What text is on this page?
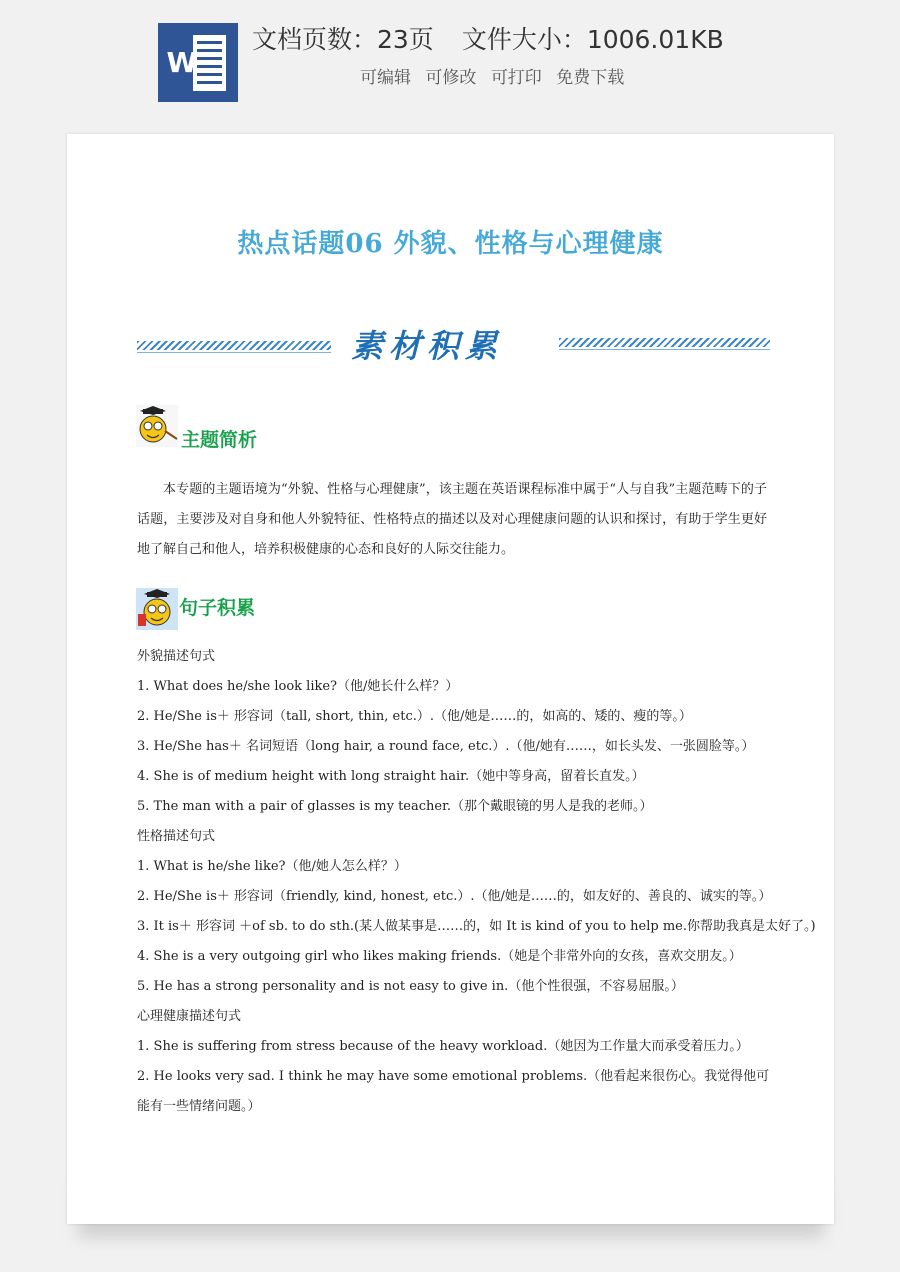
W
文档页数：23页 文件大小：1006.01KB
可编辑 可修改 可打印 免费下载
热点话题06 外貌、性格与心理健康
素材积累
主题简析

本专题的主题语境为“外貌、性格与心理健康”，该主题在英语课程标准中属于“人与自我”主题范畴下的子话题，主要涉及对自身和他人外貌特征、性格特点的描述以及对心理健康问题的认识和探讨，有助于学生更好地了解自己和他人，培养积极健康的心态和良好的人际交往能力。

句子积累
外貌描述句式
1. What does he/she look like?（他/她长什么样？）
2. He/She is＋ 形容词（tall, short, thin, etc.）.（他/她是……的，如高的、矮的、瘦的等。）
3. He/She has＋ 名词短语（long hair, a round face, etc.）.（他/她有……，如长头发、一张圆脸等。）
4. She is of medium height with long straight hair.（她中等身高，留着长直发。）
5. The man with a pair of glasses is my teacher.（那个戴眼镜的男人是我的老师。）
性格描述句式
1. What is he/she like?（他/她人怎么样？）
2. He/She is＋ 形容词（friendly, kind, honest, etc.）.（他/她是……的，如友好的、善良的、诚实的等。）
3. It is＋ 形容词 ＋of sb. to do sth.(某人做某事是……的，如 It is kind of you to help me.你帮助我真是太好了。)
4. She is a very outgoing girl who likes making friends.（她是个非常外向的女孩，喜欢交朋友。）
5. He has a strong personality and is not easy to give in.（他个性很强，不容易屈服。）
心理健康描述句式
1. She is suffering from stress because of the heavy workload.（她因为工作量大而承受着压力。）
2. He looks very sad. I think he may have some emotional problems.（他看起来很伤心。我觉得他可能有一些情绪问题。）
